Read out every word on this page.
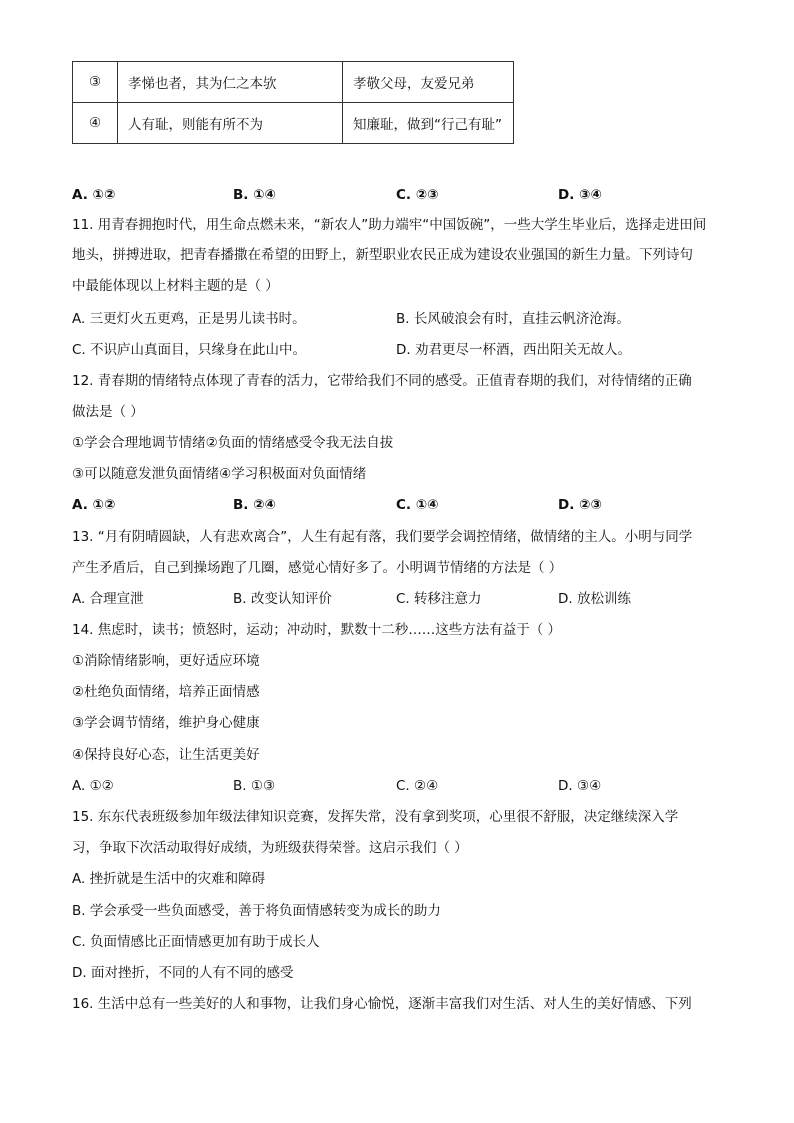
③	孝悌也者，其为仁之本欤	孝敬父母，友爱兄弟
④	人有耻，则能有所不为	知廉耻，做到“行己有耻”
A. ①②	B. ①④	C. ②③	D. ③④
11. 用青春拥抱时代，用生命点燃未来，“新农人”助力端牢“中国饭碗”，一些大学生毕业后，选择走进田间
地头，拼搏进取，把青春播撒在希望的田野上，新型职业农民正成为建设农业强国的新生力量。下列诗句
中最能体现以上材料主题的是（ ）
A. 三更灯火五更鸡，正是男儿读书时。	B. 长风破浪会有时，直挂云帆济沧海。
C. 不识庐山真面目，只缘身在此山中。	D. 劝君更尽一杯酒，西出阳关无故人。
12. 青春期的情绪特点体现了青春的活力，它带给我们不同的感受。正值青春期的我们，对待情绪的正确
做法是（ ）
①学会合理地调节情绪②负面的情绪感受令我无法自拔
③可以随意发泄负面情绪④学习积极面对负面情绪
A. ①②	B. ②④	C. ①④	D. ②③
13. “月有阴晴圆缺，人有悲欢离合”，人生有起有落，我们要学会调控情绪，做情绪的主人。小明与同学
产生矛盾后，自己到操场跑了几圈，感觉心情好多了。小明调节情绪的方法是（ ）
A. 合理宣泄	B. 改变认知评价	C. 转移注意力	D. 放松训练
14. 焦虑时，读书；愤怒时，运动；冲动时，默数十二秒……这些方法有益于（ ）
①消除情绪影响，更好适应环境
②杜绝负面情绪，培养正面情感
③学会调节情绪，维护身心健康
④保持良好心态，让生活更美好
A. ①②	B. ①③	C. ②④	D. ③④
15. 东东代表班级参加年级法律知识竞赛，发挥失常，没有拿到奖项，心里很不舒服，决定继续深入学
习，争取下次活动取得好成绩，为班级获得荣誉。这启示我们（ ）
A. 挫折就是生活中的灾难和障碍
B. 学会承受一些负面感受，善于将负面情感转变为成长的助力
C. 负面情感比正面情感更加有助于成长人
D. 面对挫折，不同的人有不同的感受
16. 生活中总有一些美好的人和事物，让我们身心愉悦，逐渐丰富我们对生活、对人生的美好情感、下列
